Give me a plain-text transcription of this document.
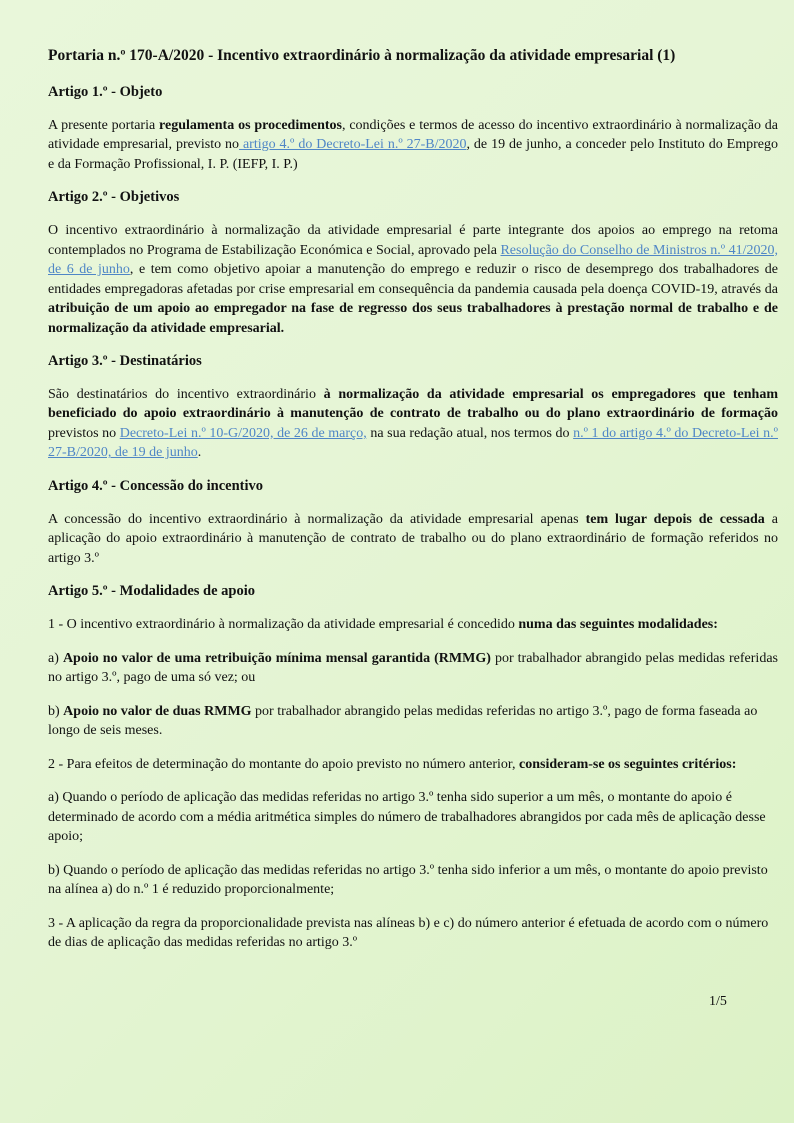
Portaria n.º 170-A/2020 - Incentivo extraordinário à normalização da atividade empresarial (1)
Artigo 1.º - Objeto

A presente portaria regulamenta os procedimentos, condições e termos de acesso do incentivo extraordinário à normalização da atividade empresarial, previsto no artigo 4.º do Decreto-Lei n.º 27-B/2020, de 19 de junho, a conceder pelo Instituto do Emprego e da Formação Profissional, I. P. (IEFP, I. P.)

Artigo 2.º - Objetivos

O incentivo extraordinário à normalização da atividade empresarial é parte integrante dos apoios ao emprego na retoma contemplados no Programa de Estabilização Económica e Social, aprovado pela Resolução do Conselho de Ministros n.º 41/2020, de 6 de junho, e tem como objetivo apoiar a manutenção do emprego e reduzir o risco de desemprego dos trabalhadores de entidades empregadoras afetadas por crise empresarial em consequência da pandemia causada pela doença COVID-19, através da atribuição de um apoio ao empregador na fase de regresso dos seus trabalhadores à prestação normal de trabalho e de normalização da atividade empresarial.

Artigo 3.º - Destinatários

São destinatários do incentivo extraordinário à normalização da atividade empresarial os empregadores que tenham beneficiado do apoio extraordinário à manutenção de contrato de trabalho ou do plano extraordinário de formação previstos no Decreto-Lei n.º 10-G/2020, de 26 de março, na sua redação atual, nos termos do n.º 1 do artigo 4.º do Decreto-Lei n.º 27-B/2020, de 19 de junho.

Artigo 4.º - Concessão do incentivo

A concessão do incentivo extraordinário à normalização da atividade empresarial apenas tem lugar depois de cessada a aplicação do apoio extraordinário à manutenção de contrato de trabalho ou do plano extraordinário de formação referidos no artigo 3.º

Artigo 5.º - Modalidades de apoio

1 - O incentivo extraordinário à normalização da atividade empresarial é concedido numa das seguintes modalidades:

a) Apoio no valor de uma retribuição mínima mensal garantida (RMMG) por trabalhador abrangido pelas medidas referidas no artigo 3.º, pago de uma só vez; ou

b) Apoio no valor de duas RMMG por trabalhador abrangido pelas medidas referidas no artigo 3.º, pago de forma faseada ao longo de seis meses.

2 - Para efeitos de determinação do montante do apoio previsto no número anterior, consideram-se os seguintes critérios:

a) Quando o período de aplicação das medidas referidas no artigo 3.º tenha sido superior a um mês, o montante do apoio é determinado de acordo com a média aritmética simples do número de trabalhadores abrangidos por cada mês de aplicação desse apoio;

b) Quando o período de aplicação das medidas referidas no artigo 3.º tenha sido inferior a um mês, o montante do apoio previsto na alínea a) do n.º 1 é reduzido proporcionalmente;

3 - A aplicação da regra da proporcionalidade prevista nas alíneas b) e c) do número anterior é efetuada de acordo com o número de dias de aplicação das medidas referidas no artigo 3.º

1/5
